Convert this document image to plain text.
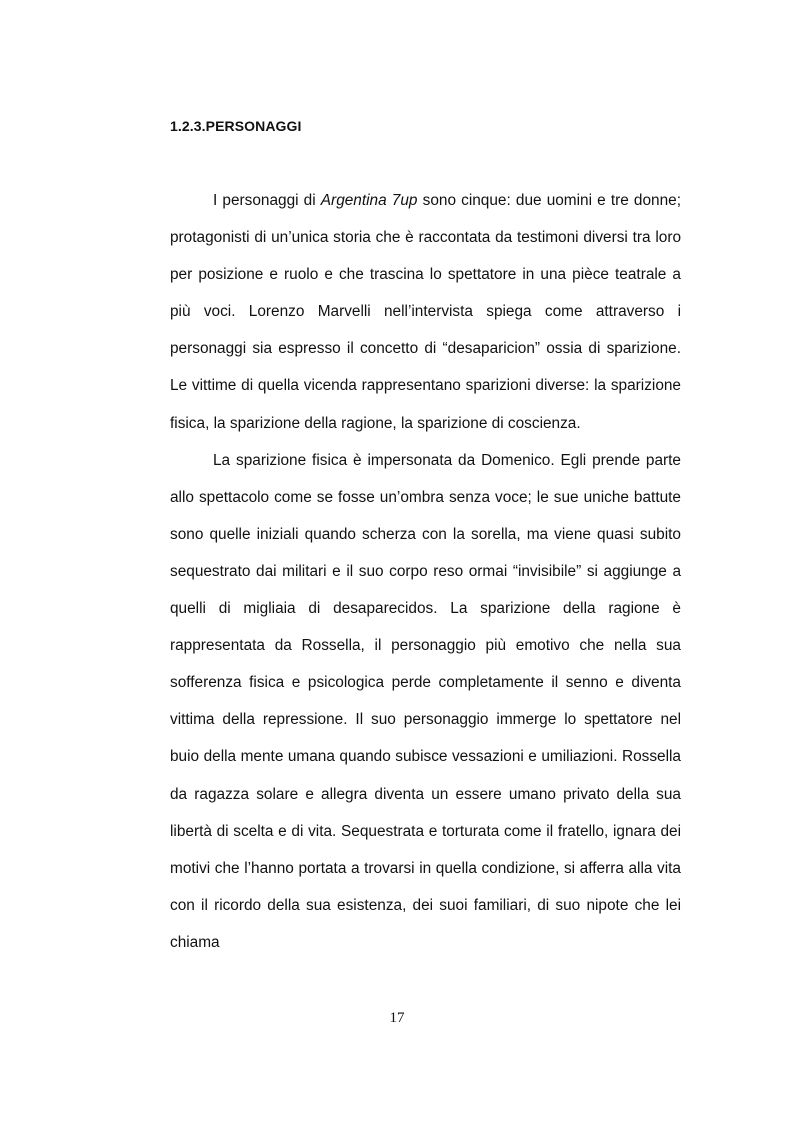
1.2.3.PERSONAGGI

I personaggi di Argentina 7up sono cinque: due uomini e tre donne; protagonisti di un’unica storia che è raccontata da testimoni diversi tra loro per posizione e ruolo e che trascina lo spettatore in una pièce teatrale a più voci. Lorenzo Marvelli nell’intervista spiega come attraverso i personaggi sia espresso il concetto di “desaparicion” ossia di sparizione. Le vittime di quella vicenda rappresentano sparizioni diverse: la sparizione fisica, la sparizione della ragione, la sparizione di coscienza.

La sparizione fisica è impersonata da Domenico. Egli prende parte allo spettacolo come se fosse un’ombra senza voce; le sue uniche battute sono quelle iniziali quando scherza con la sorella, ma viene quasi subito sequestrato dai militari e il suo corpo reso ormai “invisibile” si aggiunge a quelli di migliaia di desaparecidos. La sparizione della ragione è rappresentata da Rossella, il personaggio più emotivo che nella sua sofferenza fisica e psicologica perde completamente il senno e diventa vittima della repressione. Il suo personaggio immerge lo spettatore nel buio della mente umana quando subisce vessazioni e umiliazioni. Rossella da ragazza solare e allegra diventa un essere umano privato della sua libertà di scelta e di vita. Sequestrata e torturata come il fratello, ignara dei motivi che l’hanno portata a trovarsi in quella condizione, si afferra alla vita con il ricordo della sua esistenza, dei suoi familiari, di suo nipote che lei chiama

17
